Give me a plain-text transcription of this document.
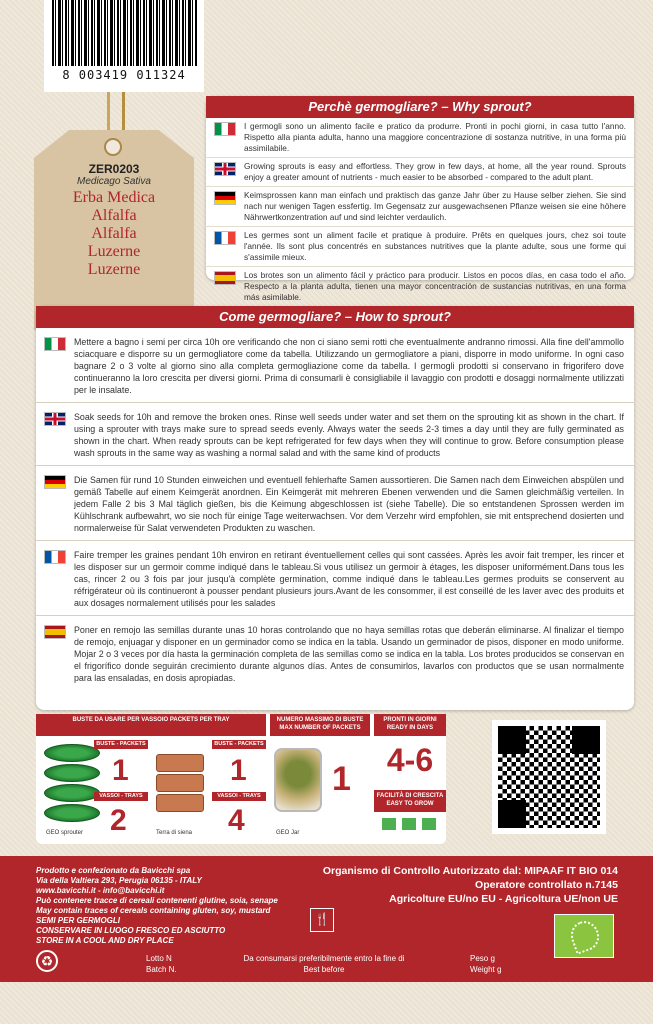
8 003419 011324
ZER0203
Medicago Sativa
Erba Medica
Alfalfa
Alfalfa
Luzerne
Luzerne
Perchè germogliare? – Why sprout?

I germogli sono un alimento facile e pratico da produrre. Pronti in pochi giorni, in casa tutto l'anno. Rispetto alla pianta adulta, hanno una maggiore concentrazione di sostanza nutritive, in una forma più assimilabile.

Growing sprouts is easy and effortless. They grow in few days, at home, all the year round. Sprouts enjoy a greater amount of nutrients - much easier to be absorbed - compared to the adult plant.

Keimsprossen kann man einfach und praktisch das ganze Jahr über zu Hause selber ziehen. Sie sind nach nur wenigen Tagen essfertig. Im Gegensatz zur ausgewachsenen Pflanze weisen sie eine höhere Nährwertkonzentration auf und sind leichter verdaulich.

Les germes sont un aliment facile et pratique à produire. Prêts en quelques jours, chez soi toute l'année. Ils sont plus concentrés en substances nutritives que la plante adulte, sous une forme qui s'assimile mieux.

Los brotes son un alimento fácil y práctico para producir. Listos en pocos días, en casa todo el año. Respecto a la planta adulta, tienen una mayor concentración de sustancias nutritivas, en una forma más asimilable.

Come germogliare? – How to sprout?

Mettere a bagno i semi per circa 10h ore verificando che non ci siano semi rotti che eventualmente andranno rimossi. Alla fine dell'ammollo sciacquare e disporre su un germogliatore come da tabella. Utilizzando un germogliatore a piani, disporre in modo uniforme. In ogni caso bagnare 2 o 3 volte al giorno sino alla completa germogliazione come da tabella. I germogli prodotti si conservano in frigorifero dove continueranno la loro crescita per diversi giorni. Prima di consumarli è consigliabile il lavaggio con prodotti e dosaggi normalmente utilizzati per le insalate.

Soak seeds for 10h and remove the broken ones. Rinse well seeds under water and set them on the sprouting kit as shown in the chart. If using a sprouter with trays make sure to spread seeds evenly. Always water the seeds 2-3 times a day until they are fully germinated as shown in the chart. When ready sprouts can be kept refrigerated for few days when they will continue to grow. Before consumption please wash sprouts in the same way as washing a normal salad and with the same kind of products

Die Samen für rund 10 Stunden einweichen und eventuell fehlerhafte Samen aussortieren. Die Samen nach dem Einweichen abspülen und gemäß Tabelle auf einem Keimgerät anordnen. Ein Keimgerät mit mehreren Ebenen verwenden und die Samen gleichmäßig verteilen. In jedem Falle 2 bis 3 Mal täglich gießen, bis die Keimung abgeschlossen ist (siehe Tabelle). Die so entstandenen Sprossen werden im Kühlschrank aufbewahrt, wo sie noch für einige Tage weiterwachsen. Vor dem Verzehr wird empfohlen, sie mit entsprechend dosierten und normalerweise für Salat verwendeten Produkten zu waschen.

Faire tremper les graines pendant 10h environ en retirant éventuellement celles qui sont cassées. Après les avoir fait tremper, les rincer et les disposer sur un germoir comme indiqué dans le tableau.Si vous utilisez un germoir à étages, les disposer uniformément.Dans tous les cas, rincer 2 ou 3 fois par jour jusqu'à complète germination, comme indiqué dans le tableau.Les germes produits se conservent au réfrigérateur où ils continueront à pousser pendant plusieurs jours.Avant de les consommer, il est conseillé de les laver avec des produits et aux dosages normalement utilisés pour les salades

Poner en remojo las semillas durante unas 10 horas controlando que no haya semillas rotas que deberán eliminarse. Al finalizar el tiempo de remojo, enjuagar y disponer en un germinador como se indica en la tabla. Usando un germinador de pisos, disponer en modo uniforme. Mojar 2 o 3 veces por día hasta la germinación completa de las semillas como se indica en la tabla. Los brotes producidos se conservan en el frigorífico donde seguirán crecimiento durante algunos días. Antes de consumirlos, lavarlos con productos que se usan normalmente para las ensaladas, en dosis apropiadas.

BUSTE DA USARE PER VASSOIO PACKETS PER TRAY	NUMERO MASSIMO DI BUSTE MAX NUMBER OF PACKETS
PRONTI IN GIORNI READY IN DAYS
BUSTE - PACKETS
1
VASSOI - TRAYS
2
GEO sprouter
BUSTE - PACKETS
1
VASSOI - TRAYS
4
Terra di siena
1
GEO Jar
4-6
FACILITÀ DI CRESCITA EASY TO GROW
Prodotto e confezionato da Bavicchi spa
Via della Valtiera 293, Perugia 06135 - ITALY
www.bavicchi.it - info@bavicchi.it
Può contenere tracce di cereali contenenti glutine, soia, senape
May contain traces of cereals containing gluten, soy, mustard
SEMI PER GERMOGLI
CONSERVARE IN LUOGO FRESCO ED ASCIUTTO
STORE IN A COOL AND DRY PLACE
Organismo di Controllo Autorizzato dal: MIPAAF IT BIO 014
Operatore controllato n.7145
Agricolture EU/no EU - Agricoltura UE/non UE
🍴
♻	Lotto N
Batch N.
Da consumarsi preferibilmente entro la fine di
Best before
Peso g
Weight g
